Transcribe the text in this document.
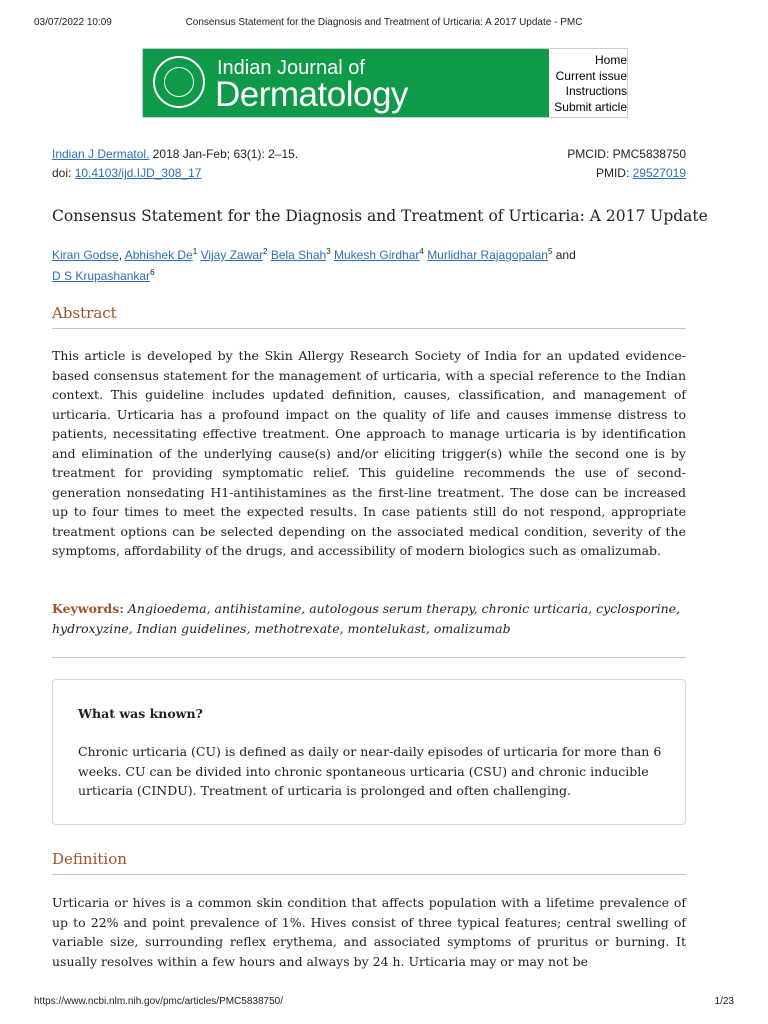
03/07/2022 10:09	Consensus Statement for the Diagnosis and Treatment of Urticaria: A 2017 Update - PMC
Indian Journal of
Dermatology
Home
Current issue
Instructions
Submit article
Indian J Dermatol. 2018 Jan-Feb; 63(1): 2–15.	PMCID: PMC5838750
doi: 10.4103/ijd.IJD_308_17	PMID: 29527019
Consensus Statement for the Diagnosis and Treatment of Urticaria: A 2017 Update
Kiran Godse, Abhishek De$^1$ Vijay Zawar$^2$ Bela Shah$^3$ Mukesh Girdhar$^4$ Murlidhar Rajagopalan$^5$ and
D S Krupashankar$^6$
Abstract
This article is developed by the Skin Allergy Research Society of India for an updated evidence-based consensus statement for the management of urticaria, with a special reference to the Indian context. This guideline includes updated definition, causes, classification, and management of urticaria. Urticaria has a profound impact on the quality of life and causes immense distress to patients, necessitating effective treatment. One approach to manage urticaria is by identification and elimination of the underlying cause(s) and/or eliciting trigger(s) while the second one is by treatment for providing symptomatic relief. This guideline recommends the use of second-generation nonsedating H1-antihistamines as the first-line treatment. The dose can be increased up to four times to meet the expected results. In case patients still do not respond, appropriate treatment options can be selected depending on the associated medical condition, severity of the symptoms, affordability of the drugs, and accessibility of modern biologics such as omalizumab.
Keywords: Angioedema, antihistamine, autologous serum therapy, chronic urticaria, cyclosporine, hydroxyzine, Indian guidelines, methotrexate, montelukast, omalizumab
What was known?
Chronic urticaria (CU) is defined as daily or near-daily episodes of urticaria for more than 6 weeks. CU can be divided into chronic spontaneous urticaria (CSU) and chronic inducible urticaria (CINDU). Treatment of urticaria is prolonged and often challenging.
Definition
Urticaria or hives is a common skin condition that affects population with a lifetime prevalence of up to 22% and point prevalence of 1%. Hives consist of three typical features; central swelling of variable size, surrounding reflex erythema, and associated symptoms of pruritus or burning. It usually resolves within a few hours and always by 24 h. Urticaria may or may not be
https://www.ncbi.nlm.nih.gov/pmc/articles/PMC5838750/	1/23
